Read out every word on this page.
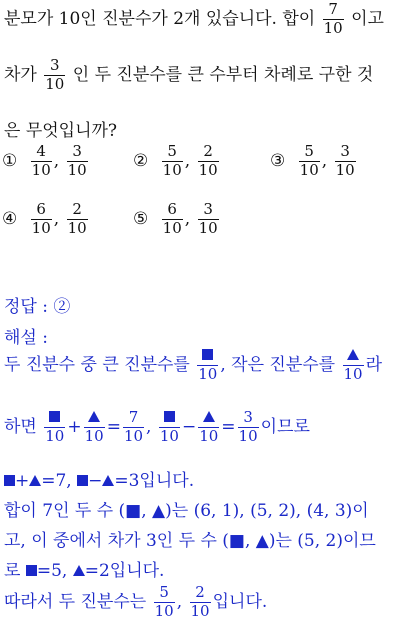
분모가 10인 진분수가 2개 있습니다. 합이 $\frac{7}{10}$ 이고
차가 $\frac{3}{10}$ 인 두 진분수를 큰 수부터 차례로 구한 것
은 무엇입니까?
① $\frac{4}{10}$ , $\frac{3}{10}$	② $\frac{5}{10}$ , $\frac{2}{10}$	③ $\frac{5}{10}$ , $\frac{3}{10}$
④ $\frac{6}{10}$ , $\frac{2}{10}$	⑤ $\frac{6}{10}$ , $\frac{3}{10}$
정답 : ②
해설 :
두 진분수 중 큰 진분수를 10 , 작은 진분수를 10 라
하면 $10 + 10 = \frac{7}{10}$ , $10 - 10 = \frac{3}{10}$ 이므로
+ =7, − =3입니다.
합이 7인 두 수 (■, ▲)는 (6, 1), (5, 2), (4, 3)이
고, 이 중에서 차가 3인 두 수 (■, ▲)는 (5, 2)이므
로 =5, =2입니다.
따라서 두 진분수는 $\frac{5}{10}$ , $\frac{2}{10}$ 입니다.
